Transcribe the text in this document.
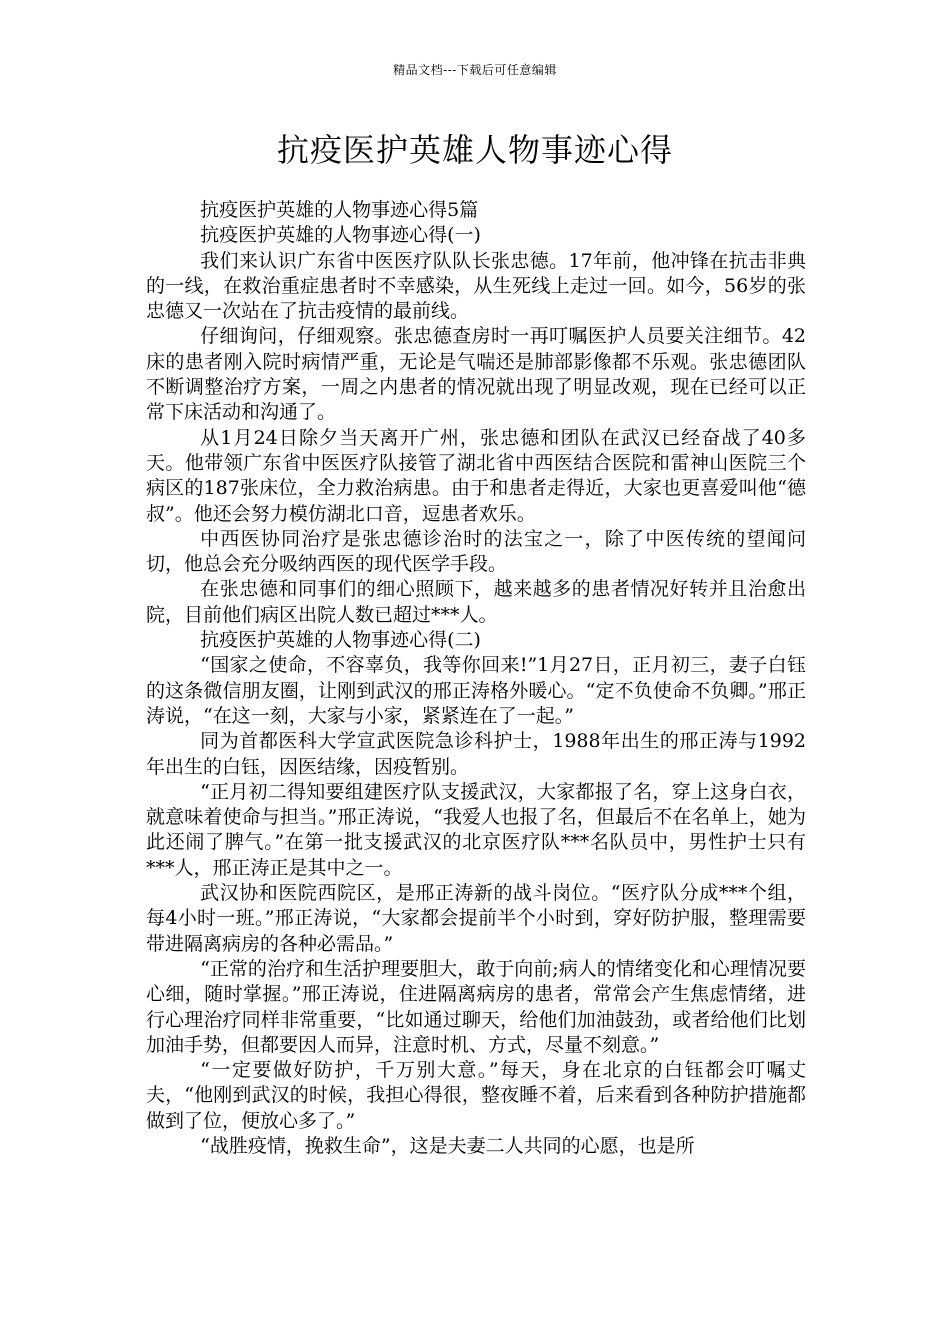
精品文档---下载后可任意编辑
抗疫医护英雄人物事迹心得

抗疫医护英雄的人物事迹心得5篇

抗疫医护英雄的人物事迹心得(一)

我们来认识广东省中医医疗队队长张忠德。17年前，他冲锋在抗击非典的一线，在救治重症患者时不幸感染，从生死线上走过一回。如今，56岁的张忠德又一次站在了抗击疫情的最前线。

仔细询问，仔细观察。张忠德查房时一再叮嘱医护人员要关注细节。42床的患者刚入院时病情严重，无论是气喘还是肺部影像都不乐观。张忠德团队不断调整治疗方案，一周之内患者的情况就出现了明显改观，现在已经可以正常下床活动和沟通了。

从1月24日除夕当天离开广州，张忠德和团队在武汉已经奋战了40多天。他带领广东省中医医疗队接管了湖北省中西医结合医院和雷神山医院三个病区的187张床位，全力救治病患。由于和患者走得近，大家也更喜爱叫他“德叔”。他还会努力模仿湖北口音，逗患者欢乐。

中西医协同治疗是张忠德诊治时的法宝之一，除了中医传统的望闻问切，他总会充分吸纳西医的现代医学手段。

在张忠德和同事们的细心照顾下，越来越多的患者情况好转并且治愈出院，目前他们病区出院人数已超过***人。

抗疫医护英雄的人物事迹心得(二)

“国家之使命，不容辜负，我等你回来!”1月27日，正月初三，妻子白钰的这条微信朋友圈，让刚到武汉的邢正涛格外暖心。“定不负使命不负卿。”邢正涛说，“在这一刻，大家与小家，紧紧连在了一起。”

同为首都医科大学宣武医院急诊科护士，1988年出生的邢正涛与1992年出生的白钰，因医结缘，因疫暂别。

“正月初二得知要组建医疗队支援武汉，大家都报了名，穿上这身白衣，就意味着使命与担当。”邢正涛说，“我爱人也报了名，但最后不在名单上，她为此还闹了脾气。”在第一批支援武汉的北京医疗队***名队员中，男性护士只有***人，邢正涛正是其中之一。

武汉协和医院西院区，是邢正涛新的战斗岗位。“医疗队分成***个组，每4小时一班。”邢正涛说，“大家都会提前半个小时到，穿好防护服，整理需要带进隔离病房的各种必需品。”

“正常的治疗和生活护理要胆大，敢于向前;病人的情绪变化和心理情况要心细，随时掌握。”邢正涛说，住进隔离病房的患者，常常会产生焦虑情绪，进行心理治疗同样非常重要，“比如通过聊天，给他们加油鼓劲，或者给他们比划加油手势，但都要因人而异，注意时机、方式，尽量不刻意。”

“一定要做好防护，千万别大意。”每天，身在北京的白钰都会叮嘱丈夫，“他刚到武汉的时候，我担心得很，整夜睡不着，后来看到各种防护措施都做到了位，便放心多了。”

“战胜疫情，挽救生命”，这是夫妻二人共同的心愿，也是所
